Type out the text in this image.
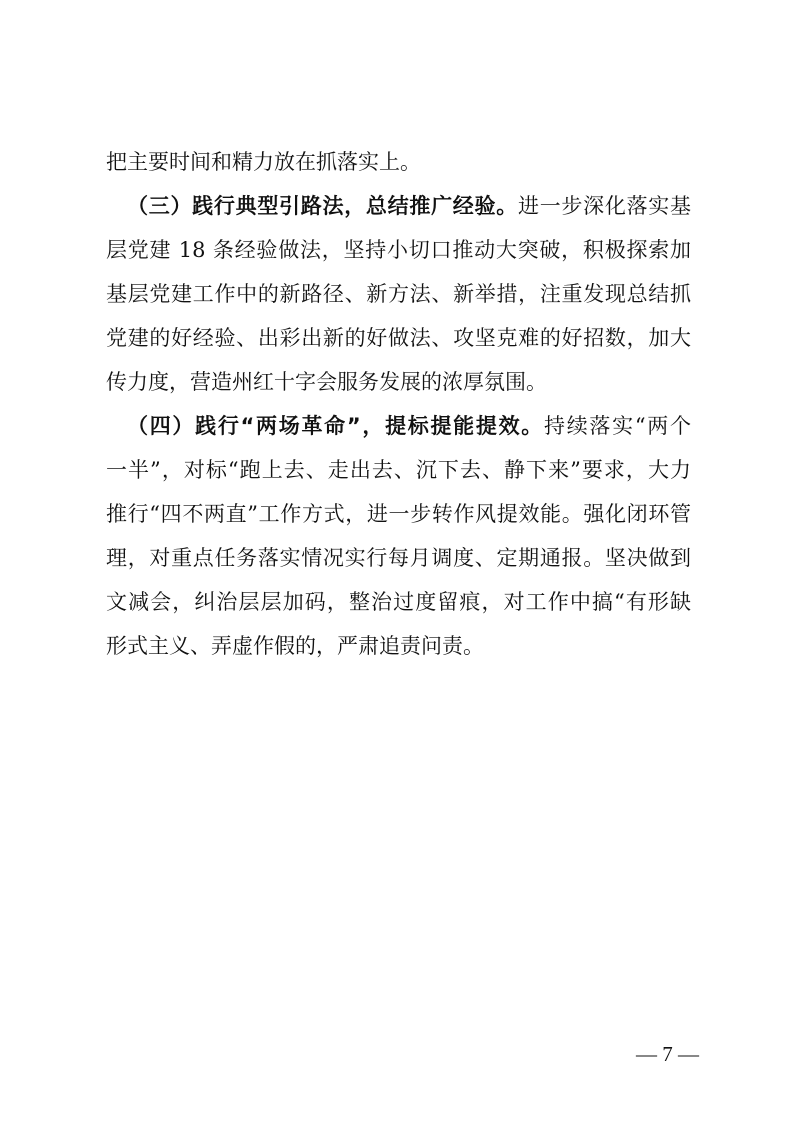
把主要时间和精力放在抓落实上。
（三）践行典型引路法，总结推广经验。进一步深化落实基
层党建 18 条经验做法，坚持小切口推动大突破，积极探索加
基层党建工作中的新路径、新方法、新举措，注重发现总结抓
党建的好经验、出彩出新的好做法、攻坚克难的好招数，加大
传力度，营造州红十字会服务发展的浓厚氛围。
（四）践行“两场革命”，提标提能提效。持续落实“两个
一半”，对标“跑上去、走出去、沉下去、静下来”要求，大力
推行“四不两直”工作方式，进一步转作风提效能。强化闭环管
理，对重点任务落实情况实行每月调度、定期通报。坚决做到
文减会，纠治层层加码，整治过度留痕，对工作中搞“有形缺
形式主义、弄虚作假的，严肃追责问责。
— 7 —
